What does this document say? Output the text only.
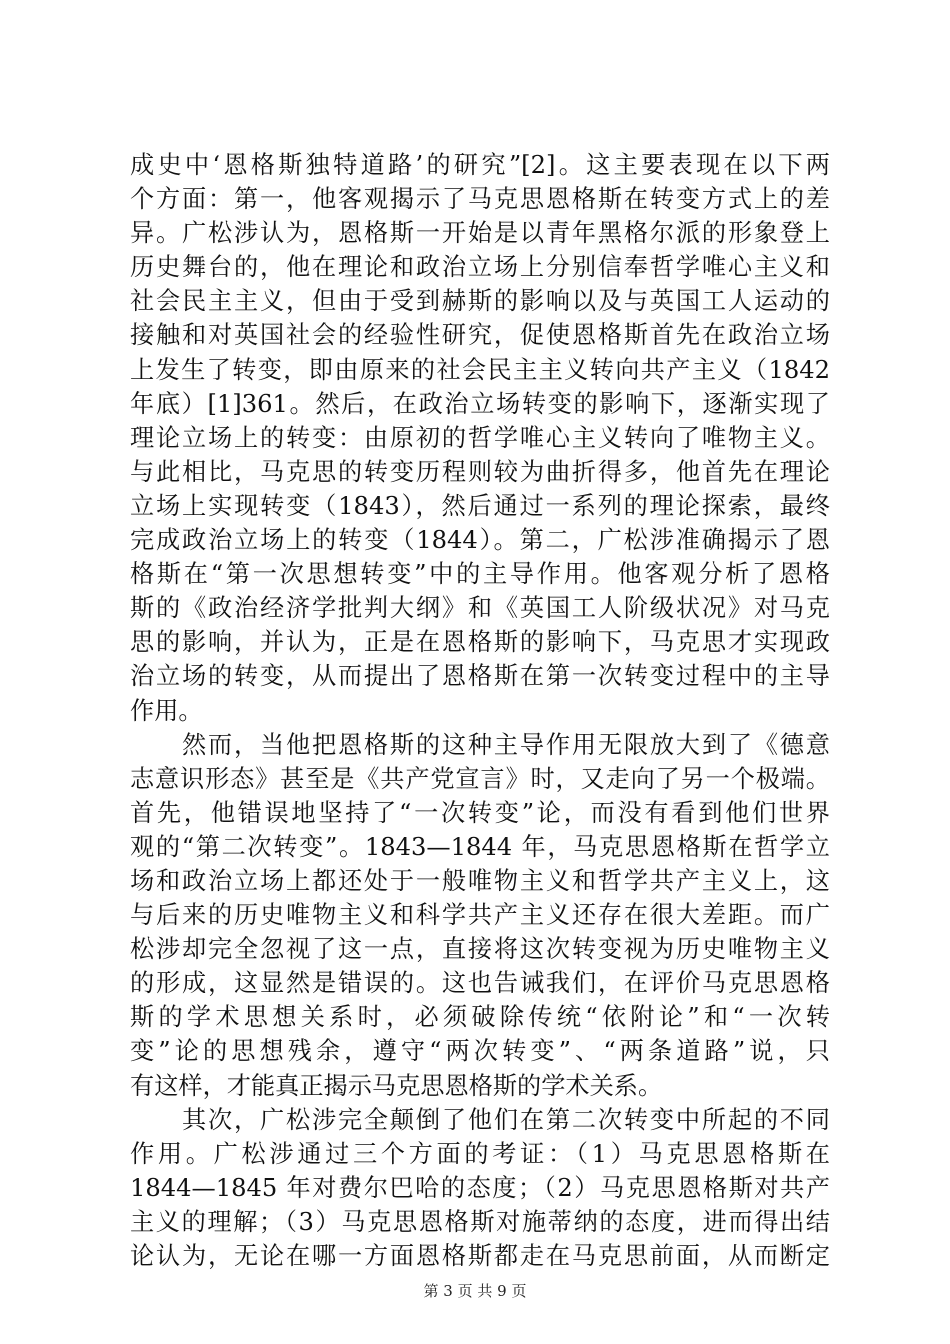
成史中‘恩格斯独特道路’的研究”[2]。这主要表现在以下两
个方面：第一，他客观揭示了马克思恩格斯在转变方式上的差
异。广松涉认为，恩格斯一开始是以青年黑格尔派的形象登上
历史舞台的，他在理论和政治立场上分别信奉哲学唯心主义和
社会民主主义，但由于受到赫斯的影响以及与英国工人运动的
接触和对英国社会的经验性研究，促使恩格斯首先在政治立场
上发生了转变，即由原来的社会民主主义转向共产主义（1842
年底）[1]361。然后，在政治立场转变的影响下，逐渐实现了
理论立场上的转变：由原初的哲学唯心主义转向了唯物主义。
与此相比，马克思的转变历程则较为曲折得多，他首先在理论
立场上实现转变（1843），然后通过一系列的理论探索，最终
完成政治立场上的转变（1844）。第二，广松涉准确揭示了恩
格斯在“第一次思想转变”中的主导作用。他客观分析了恩格
斯的《政治经济学批判大纲》和《英国工人阶级状况》对马克
思的影响，并认为，正是在恩格斯的影响下，马克思才实现政
治立场的转变，从而提出了恩格斯在第一次转变过程中的主导
作用。
　　然而，当他把恩格斯的这种主导作用无限放大到了《德意
志意识形态》甚至是《共产党宣言》时，又走向了另一个极端。
首先，他错误地坚持了“一次转变”论，而没有看到他们世界
观的“第二次转变”。1843—1844 年，马克思恩格斯在哲学立
场和政治立场上都还处于一般唯物主义和哲学共产主义上，这
与后来的历史唯物主义和科学共产主义还存在很大差距。而广
松涉却完全忽视了这一点，直接将这次转变视为历史唯物主义
的形成，这显然是错误的。这也告诫我们，在评价马克思恩格
斯的学术思想关系时，必须破除传统“依附论”和“一次转
变”论的思想残余，遵守“两次转变”、“两条道路”说，只
有这样，才能真正揭示马克思恩格斯的学术关系。
　　其次，广松涉完全颠倒了他们在第二次转变中所起的不同
作用。广松涉通过三个方面的考证：（1）马克思恩格斯在
1844—1845 年对费尔巴哈的态度；（2）马克思恩格斯对共产
主义的理解；（3）马克思恩格斯对施蒂纳的态度，进而得出结
论认为，无论在哪一方面恩格斯都走在马克思前面，从而断定
第 3 页 共 9 页
